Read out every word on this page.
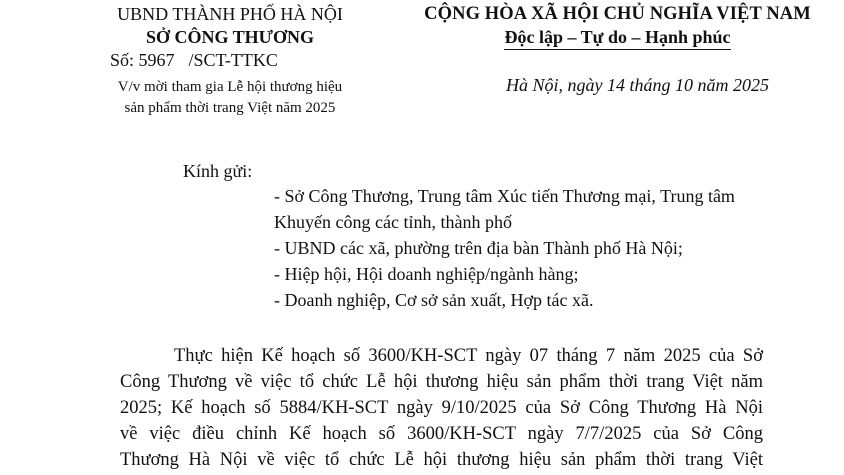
UBND THÀNH PHỐ HÀ NỘI
SỞ CÔNG THƯƠNG
Số: 5967 /SCT-TTKC
V/v mời tham gia Lễ hội thương hiệu
sản phẩm thời trang Việt năm 2025
CỘNG HÒA XÃ HỘI CHỦ NGHĨA VIỆT NAM
Độc lập – Tự do – Hạnh phúc
Hà Nội, ngày 14 tháng 10 năm 2025
Kính gửi:
- Sở Công Thương, Trung tâm Xúc tiến Thương mại, Trung tâm
Khuyến công các tỉnh, thành phố
- UBND các xã, phường trên địa bàn Thành phố Hà Nội;
- Hiệp hội, Hội doanh nghiệp/ngành hàng;
- Doanh nghiệp, Cơ sở sản xuất, Hợp tác xã.
Thực hiện Kế hoạch số 3600/KH-SCT ngày 07 tháng 7 năm 2025 của Sở
Công Thương về việc tổ chức Lễ hội thương hiệu sản phẩm thời trang Việt năm
2025; Kế hoạch số 5884/KH-SCT ngày 9/10/2025 của Sở Công Thương Hà Nội
về việc điều chỉnh Kế hoạch số 3600/KH-SCT ngày 7/7/2025 của Sở Công
Thương Hà Nội về việc tổ chức Lễ hội thương hiệu sản phẩm thời trang Việt
